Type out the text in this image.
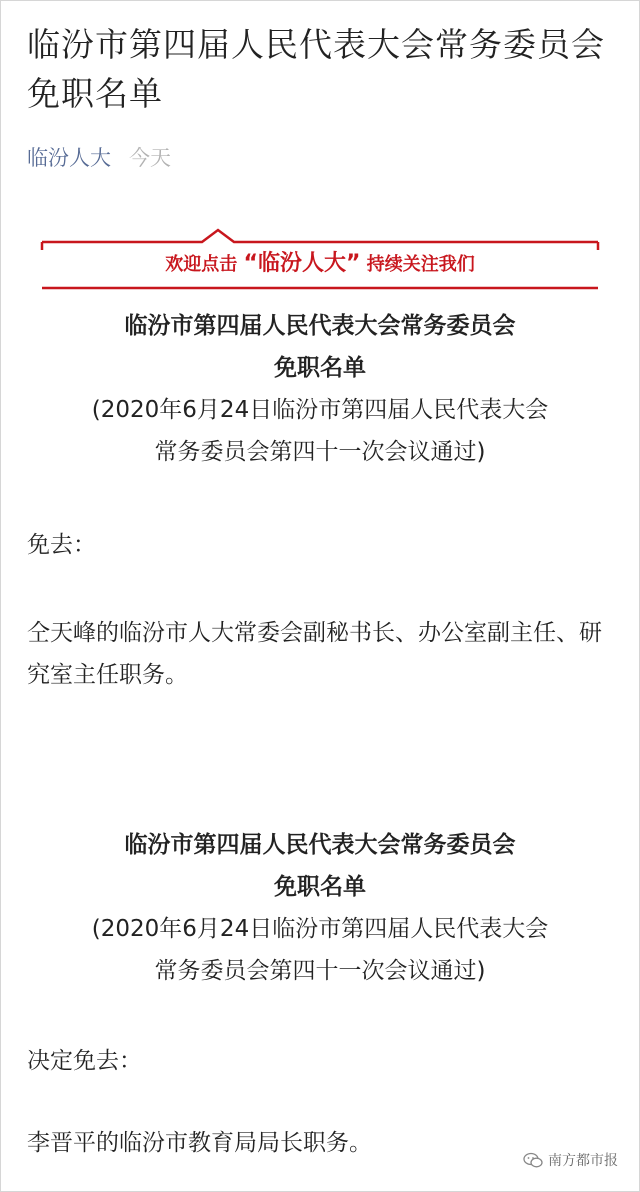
临汾市第四届人民代表大会常务委员会免职名单
临汾人大 今天
欢迎点击 “临汾人大” 持续关注我们
临汾市第四届人民代表大会常务委员会
免职名单
(2020年6月24日临汾市第四届人民代表大会
常务委员会第四十一次会议通过)
免去：
仝天峰的临汾市人大常委会副秘书长、办公室副主任、研究室主任职务。
临汾市第四届人民代表大会常务委员会
免职名单
(2020年6月24日临汾市第四届人民代表大会
常务委员会第四十一次会议通过)
决定免去：
李晋平的临汾市教育局局长职务。
南方都市报
